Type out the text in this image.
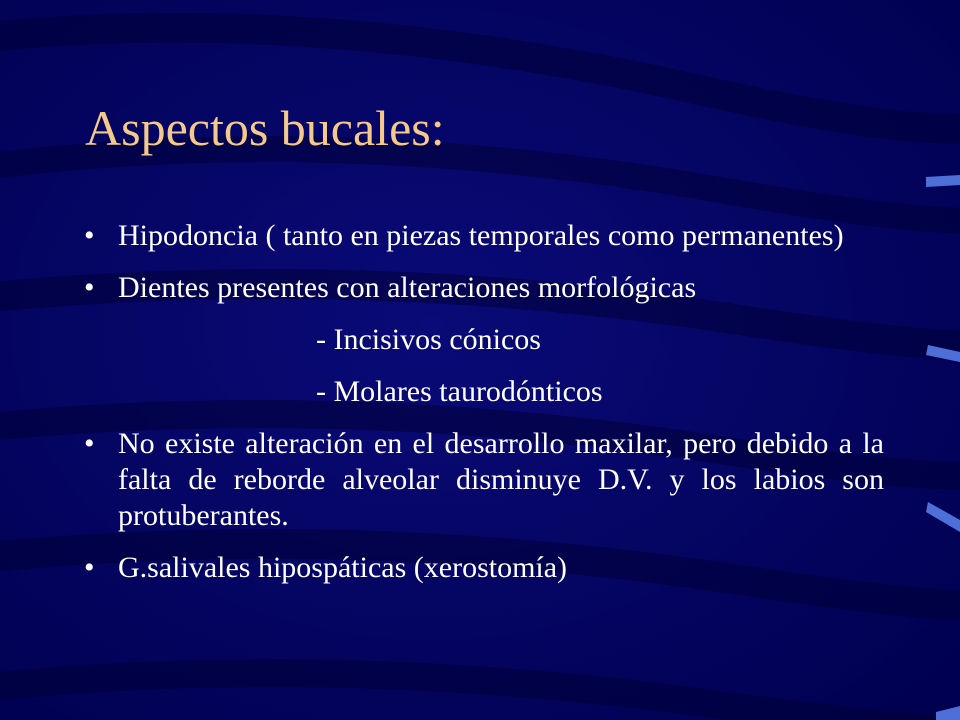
Aspectos bucales:
• Hipodoncia ( tanto en piezas temporales como permanentes)
• Dientes presentes con alteraciones morfológicas
- Incisivos cónicos
- Molares taurodónticos
• No existe alteración en el desarrollo maxilar, pero debido a la falta de reborde alveolar disminuye D.V. y los labios son protuberantes.
• G.salivales hipospáticas (xerostomía)
